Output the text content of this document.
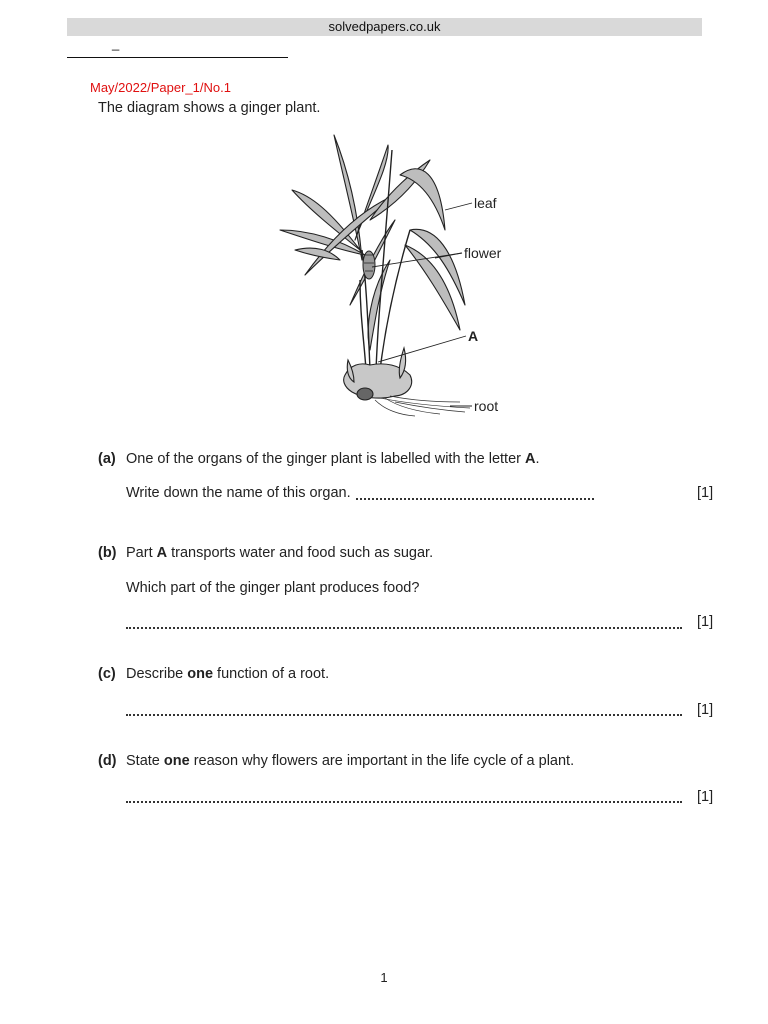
solvedpapers.co.uk
_
May/2022/Paper_1/No.1
The diagram shows a ginger plant.
leaf
flower
A
root
(a) One of the organs of the ginger plant is labelled with the letter A.
Write down the name of this organ.	[1]
(b) Part A transports water and food such as sugar.
Which part of the ginger plant produces food?
[1]
(c) Describe one function of a root.
[1]
(d) State one reason why flowers are important in the life cycle of a plant.
[1]
1
